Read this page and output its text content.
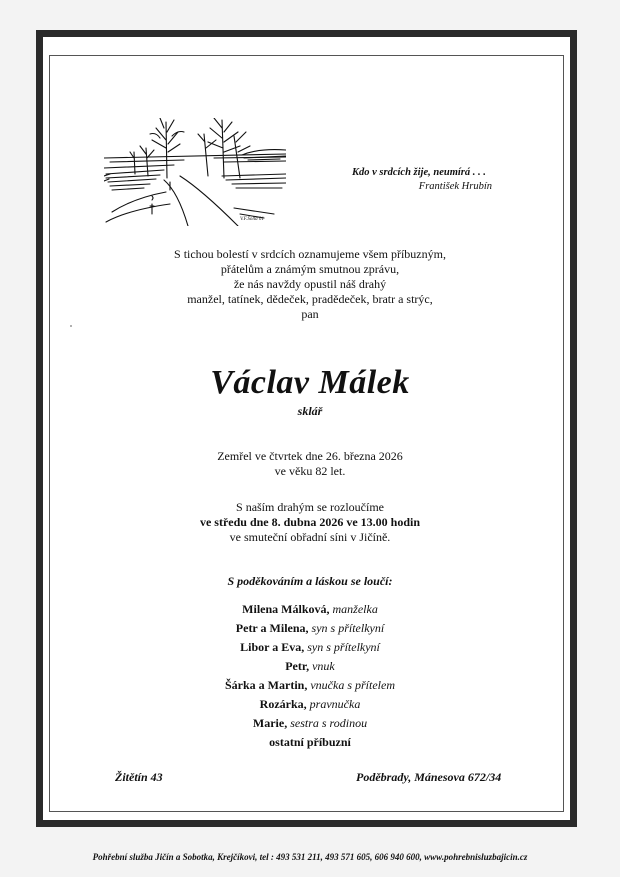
V.F.Šolta 01
Kdo v srdcích žije, neumírá . . .
František Hrubín
S tichou bolestí v srdcích oznamujeme všem příbuzným,
přátelům a známým smutnou zprávu,
že nás navždy opustil náš drahý
manžel, tatínek, dědeček, pradědeček, bratr a strýc,
pan
Václav Málek
sklář
Zemřel ve čtvrtek dne 26. března 2026
ve věku 82 let.
S naším drahým se rozloučíme
ve středu dne 8. dubna 2026 ve 13.00 hodin
ve smuteční obřadní síni v Jičíně.
S poděkováním a láskou se loučí:
Milena Málková, manželka
Petr a Milena, syn s přítelkyní
Libor a Eva, syn s přítelkyní
Petr, vnuk
Šárka a Martin, vnučka s přítelem
Rozárka, pravnučka
Marie, sestra s rodinou
ostatní příbuzní
Žitětín 43	Poděbrady, Mánesova 672/34
Pohřební služba Jičín a Sobotka, Krejčíkovi, tel : 493 531 211, 493 571 605, 606 940 600, www.pohrebnisluzbajicin.cz
